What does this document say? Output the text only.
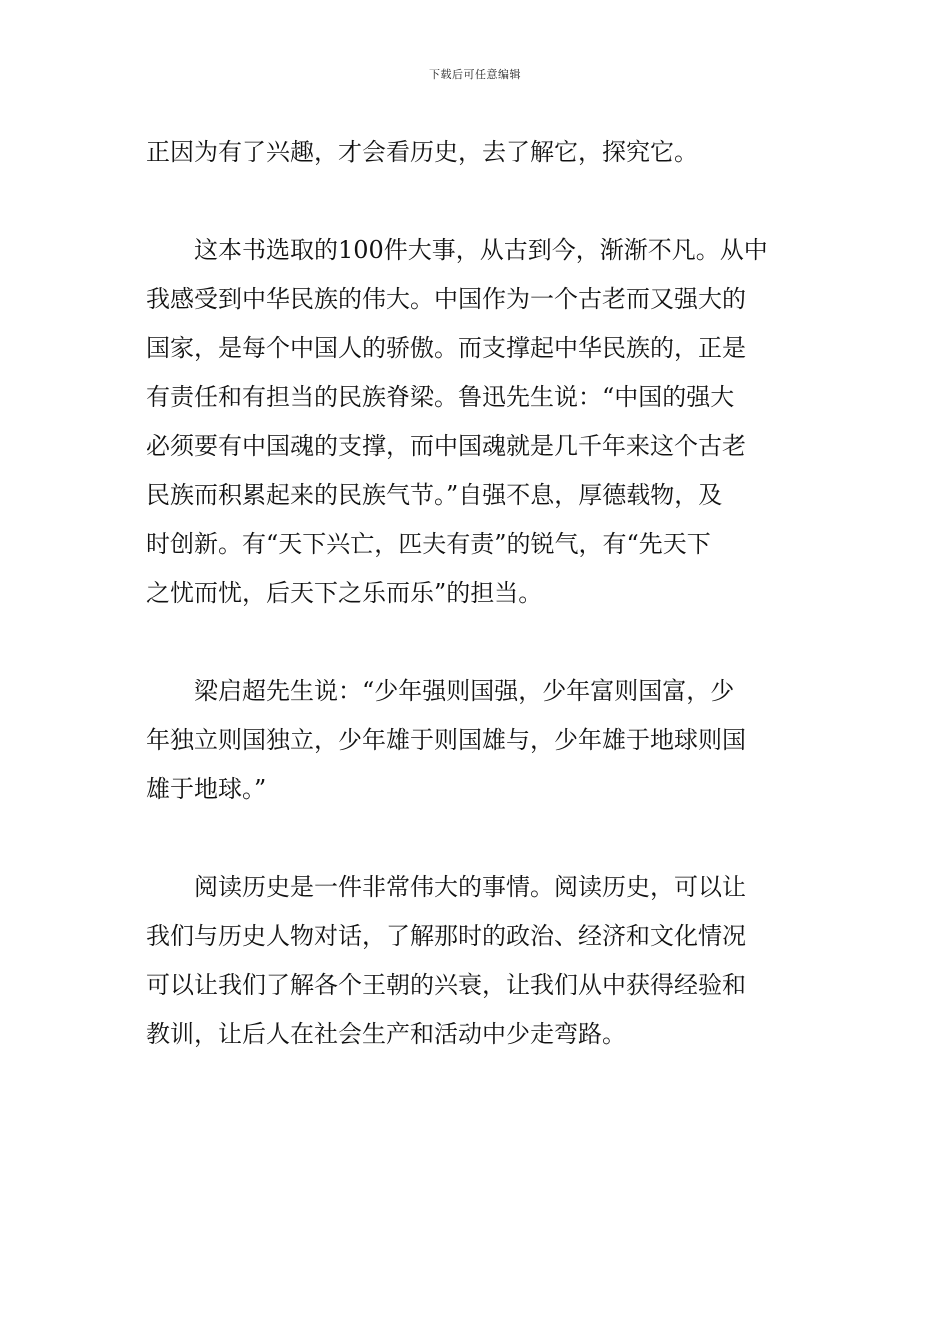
下载后可任意编辑
正因为有了兴趣，才会看历史，去了解它，探究它。
这本书选取的100件大事，从古到今，渐渐不凡。从中
我感受到中华民族的伟大。中国作为一个古老而又强大的
国家，是每个中国人的骄傲。而支撑起中华民族的，正是
有责任和有担当的民族脊梁。鲁迅先生说：“中国的强大
必须要有中国魂的支撑，而中国魂就是几千年来这个古老
民族而积累起来的民族气节。”自强不息，厚德载物，及
时创新。有“天下兴亡，匹夫有责”的锐气，有“先天下
之忧而忧，后天下之乐而乐”的担当。
梁启超先生说：“少年强则国强，少年富则国富，少
年独立则国独立，少年雄于则国雄与，少年雄于地球则国
雄于地球。”
阅读历史是一件非常伟大的事情。阅读历史，可以让
我们与历史人物对话，了解那时的政治、经济和文化情况
可以让我们了解各个王朝的兴衰，让我们从中获得经验和
教训，让后人在社会生产和活动中少走弯路。
